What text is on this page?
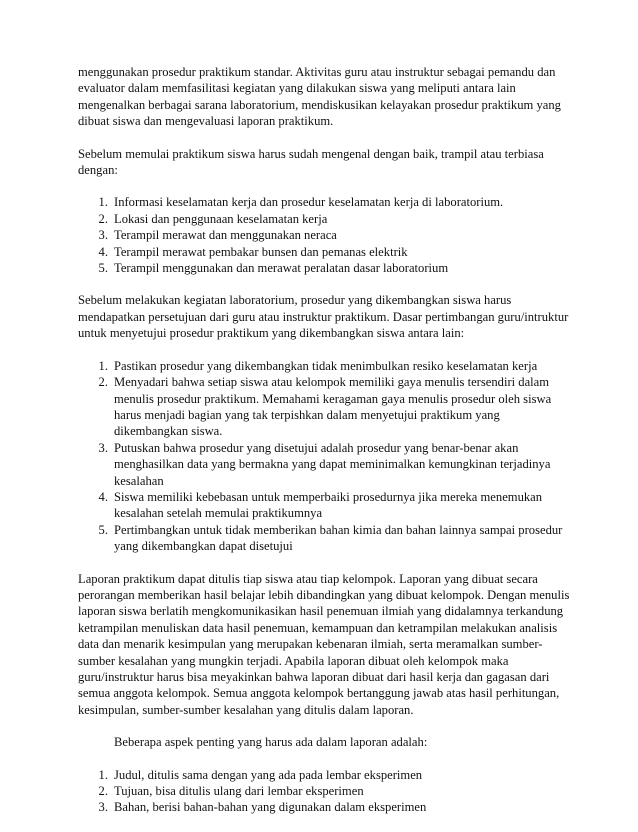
menggunakan prosedur praktikum standar. Aktivitas guru atau instruktur sebagai pemandu dan evaluator dalam memfasilitasi kegiatan yang dilakukan siswa yang meliputi antara lain mengenalkan berbagai sarana laboratorium, mendiskusikan kelayakan prosedur praktikum yang dibuat siswa dan mengevaluasi laporan praktikum.

Sebelum memulai praktikum siswa harus sudah mengenal dengan baik, trampil atau terbiasa dengan:

1. Informasi keselamatan kerja dan prosedur keselamatan kerja di laboratorium.
2. Lokasi dan penggunaan keselamatan kerja
3. Terampil merawat dan menggunakan neraca
4. Terampil merawat pembakar bunsen dan pemanas elektrik
5. Terampil menggunakan dan merawat peralatan dasar laboratorium

Sebelum melakukan kegiatan laboratorium, prosedur yang dikembangkan siswa harus mendapatkan persetujuan dari guru atau instruktur praktikum. Dasar pertimbangan guru/intruktur untuk menyetujui prosedur praktikum yang dikembangkan siswa antara lain:

1. Pastikan prosedur yang dikembangkan tidak menimbulkan resiko keselamatan kerja
2. Menyadari bahwa setiap siswa atau kelompok memiliki gaya menulis tersendiri dalam menulis prosedur praktikum. Memahami keragaman gaya menulis prosedur oleh siswa harus menjadi bagian yang tak terpishkan dalam menyetujui praktikum yang dikembangkan siswa.
3. Putuskan bahwa prosedur yang disetujui adalah prosedur yang benar-benar akan menghasilkan data yang bermakna yang dapat meminimalkan kemungkinan terjadinya kesalahan
4. Siswa memiliki kebebasan untuk memperbaiki prosedurnya jika mereka menemukan kesalahan setelah memulai praktikumnya
5. Pertimbangkan untuk tidak memberikan bahan kimia dan bahan lainnya sampai prosedur yang dikembangkan dapat disetujui

Laporan praktikum dapat ditulis tiap siswa atau tiap kelompok. Laporan yang dibuat secara perorangan memberikan hasil belajar lebih dibandingkan yang dibuat kelompok. Dengan menulis laporan siswa berlatih mengkomunikasikan hasil penemuan ilmiah yang didalamnya terkandung ketrampilan menuliskan data hasil penemuan, kemampuan dan ketrampilan melakukan analisis data dan menarik kesimpulan yang merupakan kebenaran ilmiah, serta meramalkan sumber-sumber kesalahan yang mungkin terjadi. Apabila laporan dibuat oleh kelompok maka guru/instruktur harus bisa meyakinkan bahwa laporan dibuat dari hasil kerja dan gagasan dari semua anggota kelompok. Semua anggota kelompok bertanggung jawab atas hasil perhitungan, kesimpulan, sumber-sumber kesalahan yang ditulis dalam laporan.

Beberapa aspek penting yang harus ada dalam laporan adalah:

1. Judul, ditulis sama dengan yang ada pada lembar eksperimen
2. Tujuan, bisa ditulis ulang dari lembar eksperimen
3. Bahan, berisi bahan-bahan yang digunakan dalam eksperimen
